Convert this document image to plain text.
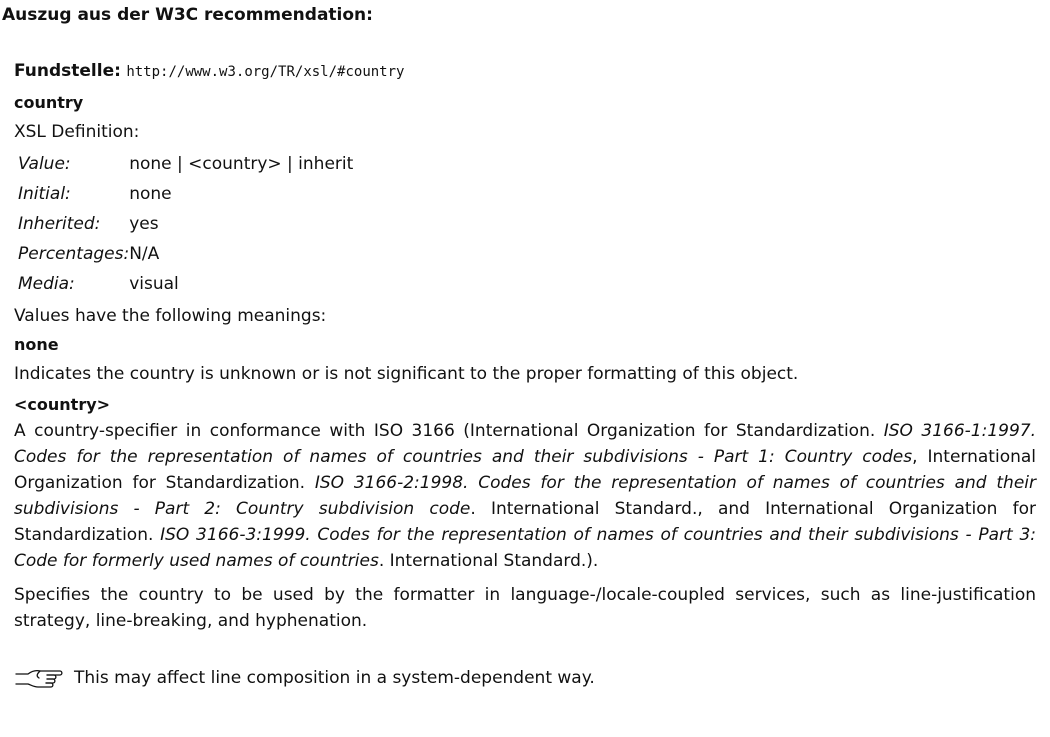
Auszug aus der W3C recommendation:
Fundstelle: http://www.w3.org/TR/xsl/#country
country
XSL Definition:
Value:	none | <country> | inherit
Initial:	none
Inherited:	yes
Percentages:	N/A
Media:	visual
Values have the following meanings:
none
Indicates the country is unknown or is not significant to the proper formatting of this object.
<country>

A country-specifier in conformance with ISO 3166 (International Organization for Standardization. ISO 3166-1:1997. Codes for the representation of names of countries and their subdivisions - Part 1: Country codes, International Organization for Standardization. ISO 3166-2:1998. Codes for the representation of names of countries and their subdivisions - Part 2: Country subdivision code. International Standard., and International Organization for Standardization. ISO 3166-3:1999. Codes for the representation of names of countries and their subdivisions - Part 3: Code for formerly used names of countries. International Standard.).

Specifies the country to be used by the formatter in language-/locale-coupled services, such as line-justification strategy, line-breaking, and hyphenation.
This may affect line composition in a system-dependent way.
